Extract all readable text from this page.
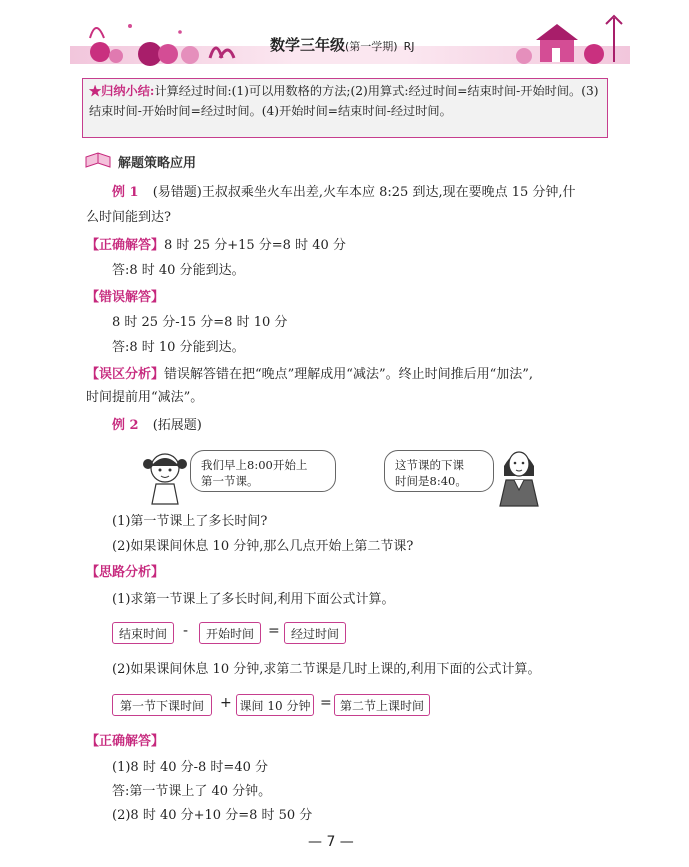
数学三年级(第一学期) RJ
★归纳小结:计算经过时间:(1)可以用数格的方法;(2)用算式:经过时间=结束时间-开始时间。(3)结束时间-开始时间=经过时间。(4)开始时间=结束时间-经过时间。
解题策略应用
例 1 (易错题)王叔叔乘坐火车出差,火车本应 8:25 到达,现在要晚点 15 分钟,什
么时间能到达?
【正确解答】8 时 25 分+15 分=8 时 40 分
答:8 时 40 分能到达。
【错误解答】
8 时 25 分-15 分=8 时 10 分
答:8 时 10 分能到达。
【误区分析】错误解答错在把“晚点”理解成用“减法”。终止时间推后用“加法”,
时间提前用“减法”。
例 2 (拓展题)
我们早上8:00开始上
第一节课。
这节课的下课
时间是8:40。
(1)第一节课上了多长时间?
(2)如果课间休息 10 分钟,那么几点开始上第二节课?
【思路分析】
(1)求第一节课上了多长时间,利用下面公式计算。
结束时间	-	开始时间	= 经过时间
(2)如果课间休息 10 分钟,求第二节课是几时上课的,利用下面的公式计算。
第一节下课时间	+ 课间 10 分钟 = 第二节上课时间
【正确解答】
(1)8 时 40 分-8 时=40 分
答:第一节课上了 40 分钟。
(2)8 时 40 分+10 分=8 时 50 分
— 7 —
